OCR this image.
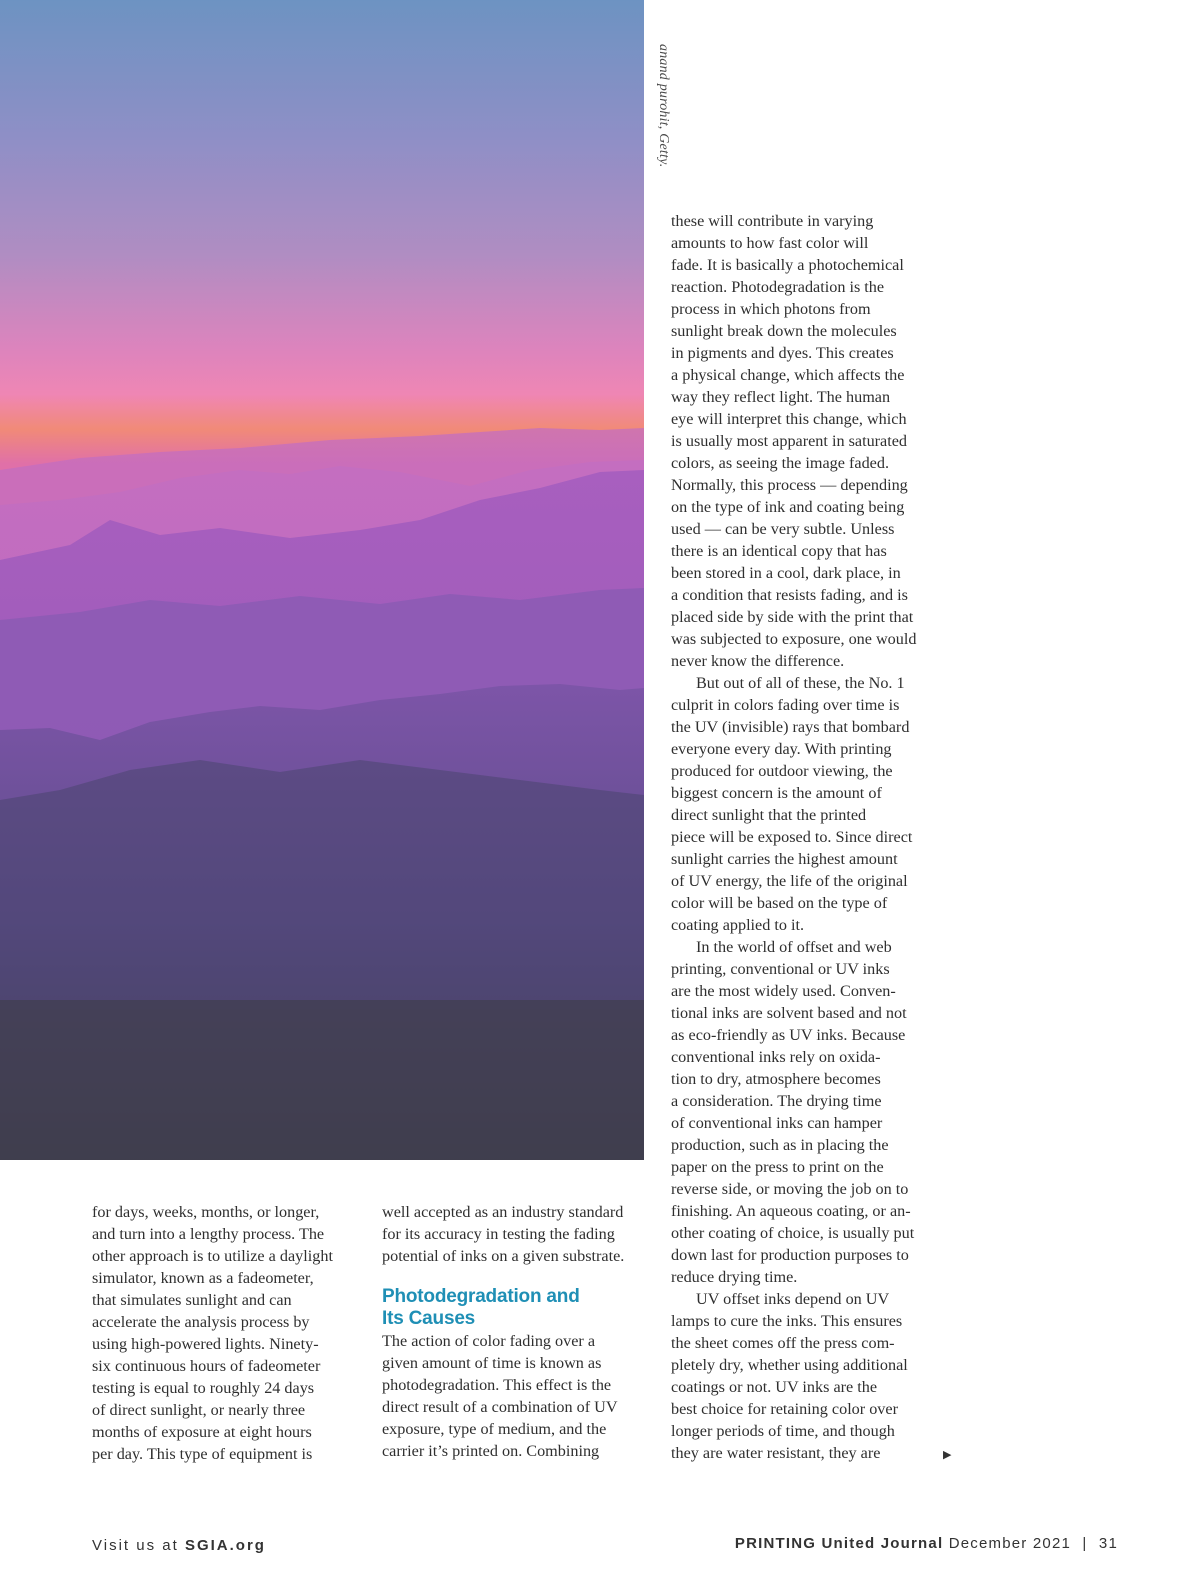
anand purohit, Getty.

for days, weeks, months, or longer,
and turn into a lengthy process. The
other approach is to utilize a daylight
simulator, known as a fadeometer,
that simulates sunlight and can
accelerate the analysis process by
using high-powered lights. Ninety-
six continuous hours of fadeometer
testing is equal to roughly 24 days
of direct sunlight, or nearly three
months of exposure at eight hours
per day. This type of equipment is

well accepted as an industry standard
for its accuracy in testing the fading
potential of inks on a given substrate.

Photodegradation and
Its Causes

The action of color fading over a
given amount of time is known as
photodegradation. This effect is the
direct result of a combination of UV
exposure, type of medium, and the
carrier it’s printed on. Combining

these will contribute in varying
amounts to how fast color will
fade. It is basically a photochemical
reaction. Photodegradation is the
process in which photons from
sunlight break down the molecules
in pigments and dyes. This creates
a physical change, which affects the
way they reflect light. The human
eye will interpret this change, which
is usually most apparent in saturated
colors, as seeing the image faded.
Normally, this process — depending
on the type of ink and coating being
used — can be very subtle. Unless
there is an identical copy that has
been stored in a cool, dark place, in
a condition that resists fading, and is
placed side by side with the print that
was subjected to exposure, one would
never know the difference.

But out of all of these, the No. 1
culprit in colors fading over time is
the UV (invisible) rays that bombard
everyone every day. With printing
produced for outdoor viewing, the
biggest concern is the amount of
direct sunlight that the printed
piece will be exposed to. Since direct
sunlight carries the highest amount
of UV energy, the life of the original
color will be based on the type of
coating applied to it.

In the world of offset and web
printing, conventional or UV inks
are the most widely used. Conven-
tional inks are solvent based and not
as eco-friendly as UV inks. Because
conventional inks rely on oxida-
tion to dry, atmosphere becomes
a consideration. The drying time
of conventional inks can hamper
production, such as in placing the
paper on the press to print on the
reverse side, or moving the job on to
finishing. An aqueous coating, or an-
other coating of choice, is usually put
down last for production purposes to
reduce drying time.

UV offset inks depend on UV
lamps to cure the inks. This ensures
the sheet comes off the press com-
pletely dry, whether using additional
coatings or not. UV inks are the
best choice for retaining color over
longer periods of time, and though
they are water resistant, they are	▶
Visit us at SGIA.org	PRINTING United Journal December 2021 | 31
